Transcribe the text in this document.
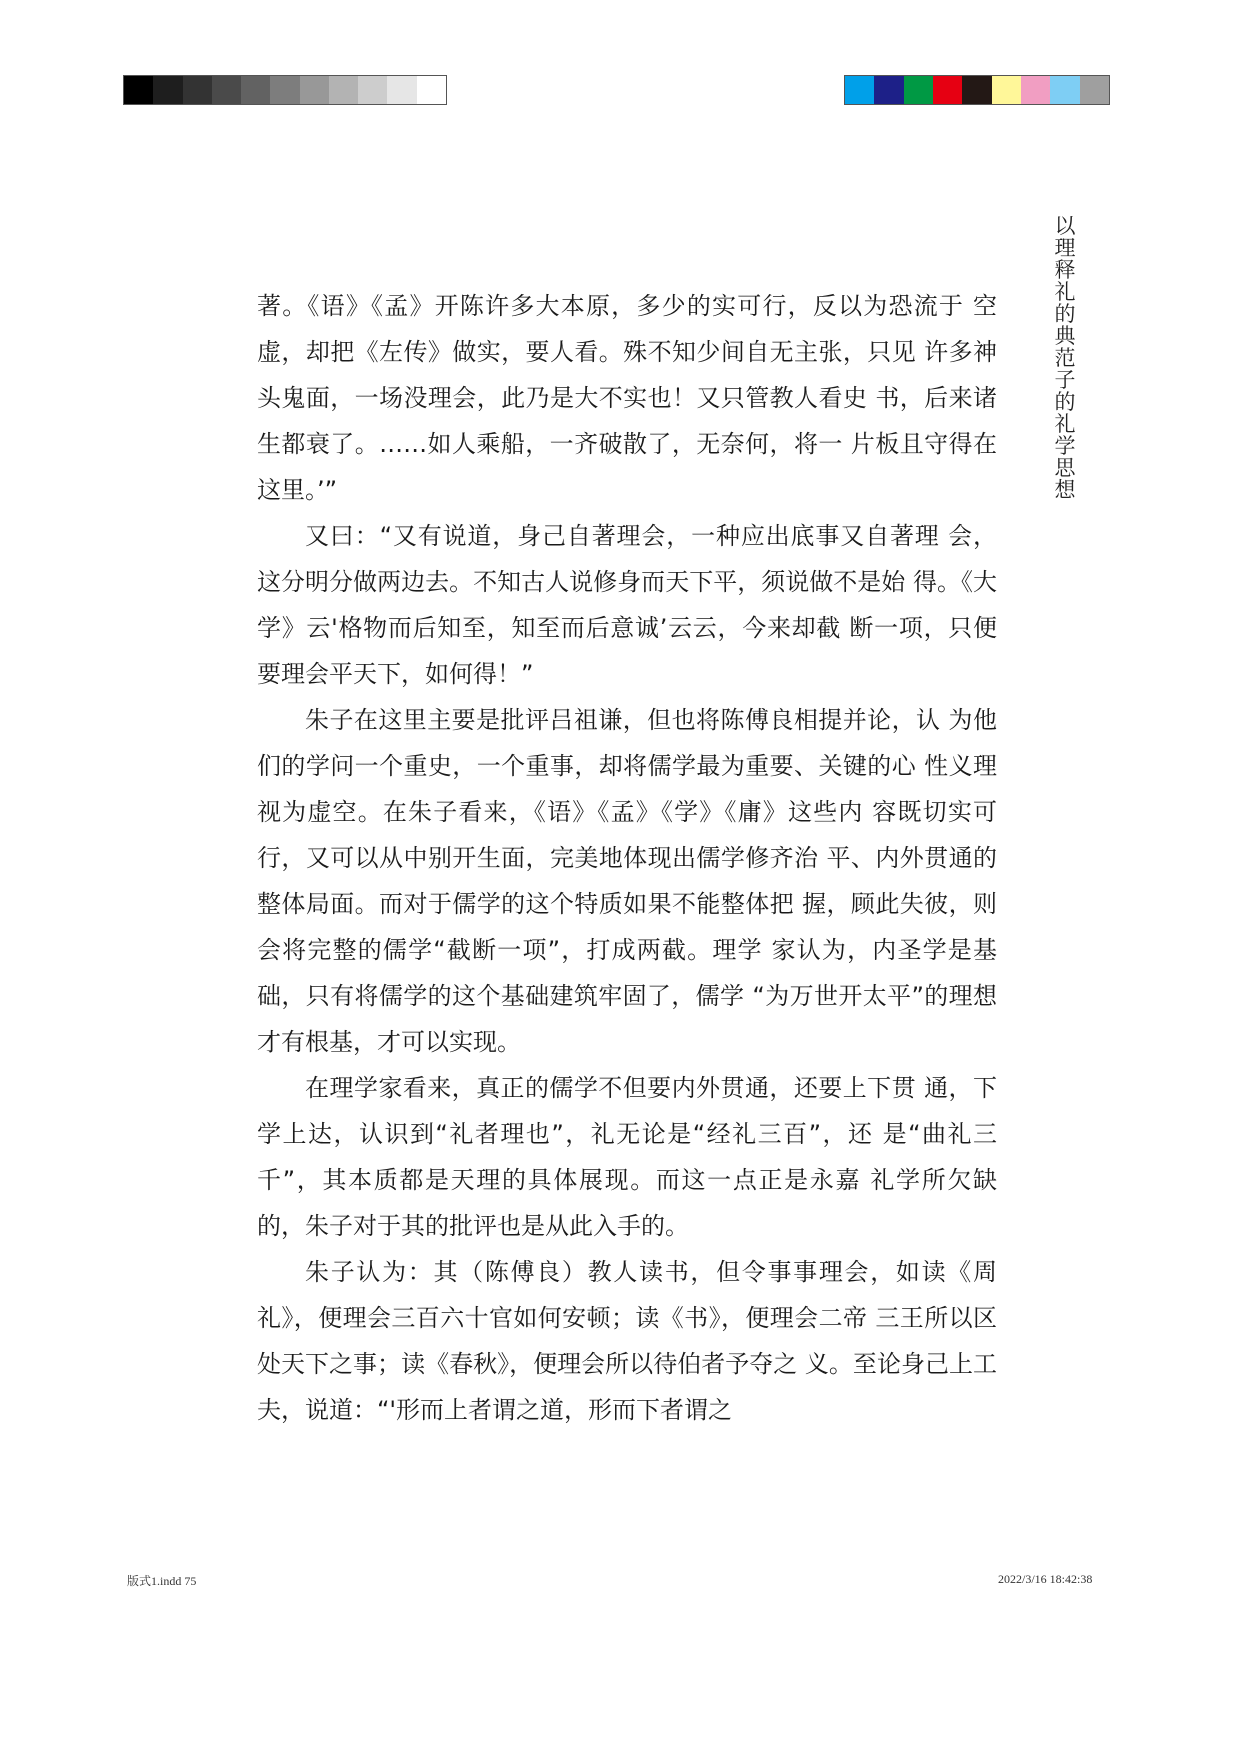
以
理
释
礼
的
典
范
子
的
礼
学
思
想

著。《语》《孟》开陈许多大本原，多少的实可行，反以为恐流于 空虚，却把《左传》做实，要人看。殊不知少间自无主张，只见 许多神头鬼面，一场没理会，此乃是大不实也！又只管教人看史 书，后来诸生都衰了。……如人乘船，一齐破散了，无奈何，将一 片板且守得在这里。’”

又曰：“又有说道，身己自著理会，一种应出底事又自著理 会，这分明分做两边去。不知古人说修身而天下平，须说做不是始 得。《大学》云'格物而后知至，知至而后意诚’云云，今来却截 断一项，只便要理会平天下，如何得！”

朱子在这里主要是批评吕祖谦，但也将陈傅良相提并论，认 为他们的学问一个重史，一个重事，却将儒学最为重要、关键的心 性义理视为虚空。在朱子看来，《语》《孟》《学》《庸》这些内 容既切实可行，又可以从中别开生面，完美地体现出儒学修齐治 平、内外贯通的整体局面。而对于儒学的这个特质如果不能整体把 握，顾此失彼，则会将完整的儒学“截断一项”，打成两截。理学 家认为，内圣学是基础，只有将儒学的这个基础建筑牢固了，儒学 “为万世开太平”的理想才有根基，才可以实现。

在理学家看来，真正的儒学不但要内外贯通，还要上下贯 通，下学上达，认识到“礼者理也”，礼无论是“经礼三百”，还 是“曲礼三千”，其本质都是天理的具体展现。而这一点正是永嘉 礼学所欠缺的，朱子对于其的批评也是从此入手的。

朱子认为：其（陈傅良）教人读书，但令事事理会，如读《周 礼》，便理会三百六十官如何安顿；读《书》，便理会二帝 三王所以区处天下之事；读《春秋》，便理会所以待伯者予夺之 义。至论身己上工夫，说道：“'形而上者谓之道，形而下者谓之

版式1.indd 75	2022/3/16 18:42:38
